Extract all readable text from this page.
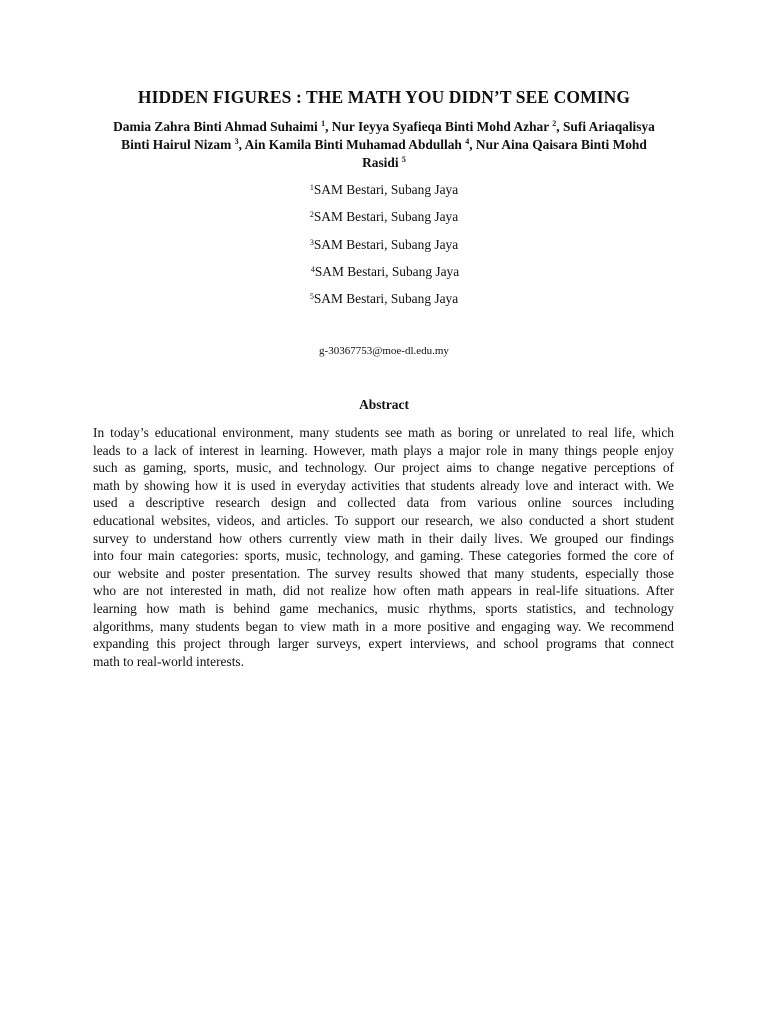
HIDDEN FIGURES : THE MATH YOU DIDN’T SEE COMING
Damia Zahra Binti Ahmad Suhaimi $^1$, Nur Ieyya Syafieqa Binti Mohd Azhar $^2$, Sufi Ariaqalisya
Binti Hairul Nizam $^3$, Ain Kamila Binti Muhamad Abdullah $^4$, Nur Aina Qaisara Binti Mohd
Rasidi $^5$
$^1$SAM Bestari, Subang Jaya
$^2$SAM Bestari, Subang Jaya
$^3$SAM Bestari, Subang Jaya
$^4$SAM Bestari, Subang Jaya
$^5$SAM Bestari, Subang Jaya
g-30367753@moe-dl.edu.my
Abstract
In today’s educational environment, many students see math as boring or unrelated to real life, which
leads to a lack of interest in learning. However, math plays a major role in many things people enjoy
such as gaming, sports, music, and technology. Our project aims to change negative perceptions of
math by showing how it is used in everyday activities that students already love and interact with. We
used a descriptive research design and collected data from various online sources including
educational websites, videos, and articles. To support our research, we also conducted a short student
survey to understand how others currently view math in their daily lives. We grouped our findings
into four main categories: sports, music, technology, and gaming. These categories formed the core of
our website and poster presentation. The survey results showed that many students, especially those
who are not interested in math, did not realize how often math appears in real-life situations. After
learning how math is behind game mechanics, music rhythms, sports statistics, and technology
algorithms, many students began to view math in a more positive and engaging way. We recommend
expanding this project through larger surveys, expert interviews, and school programs that connect
math to real-world interests.
